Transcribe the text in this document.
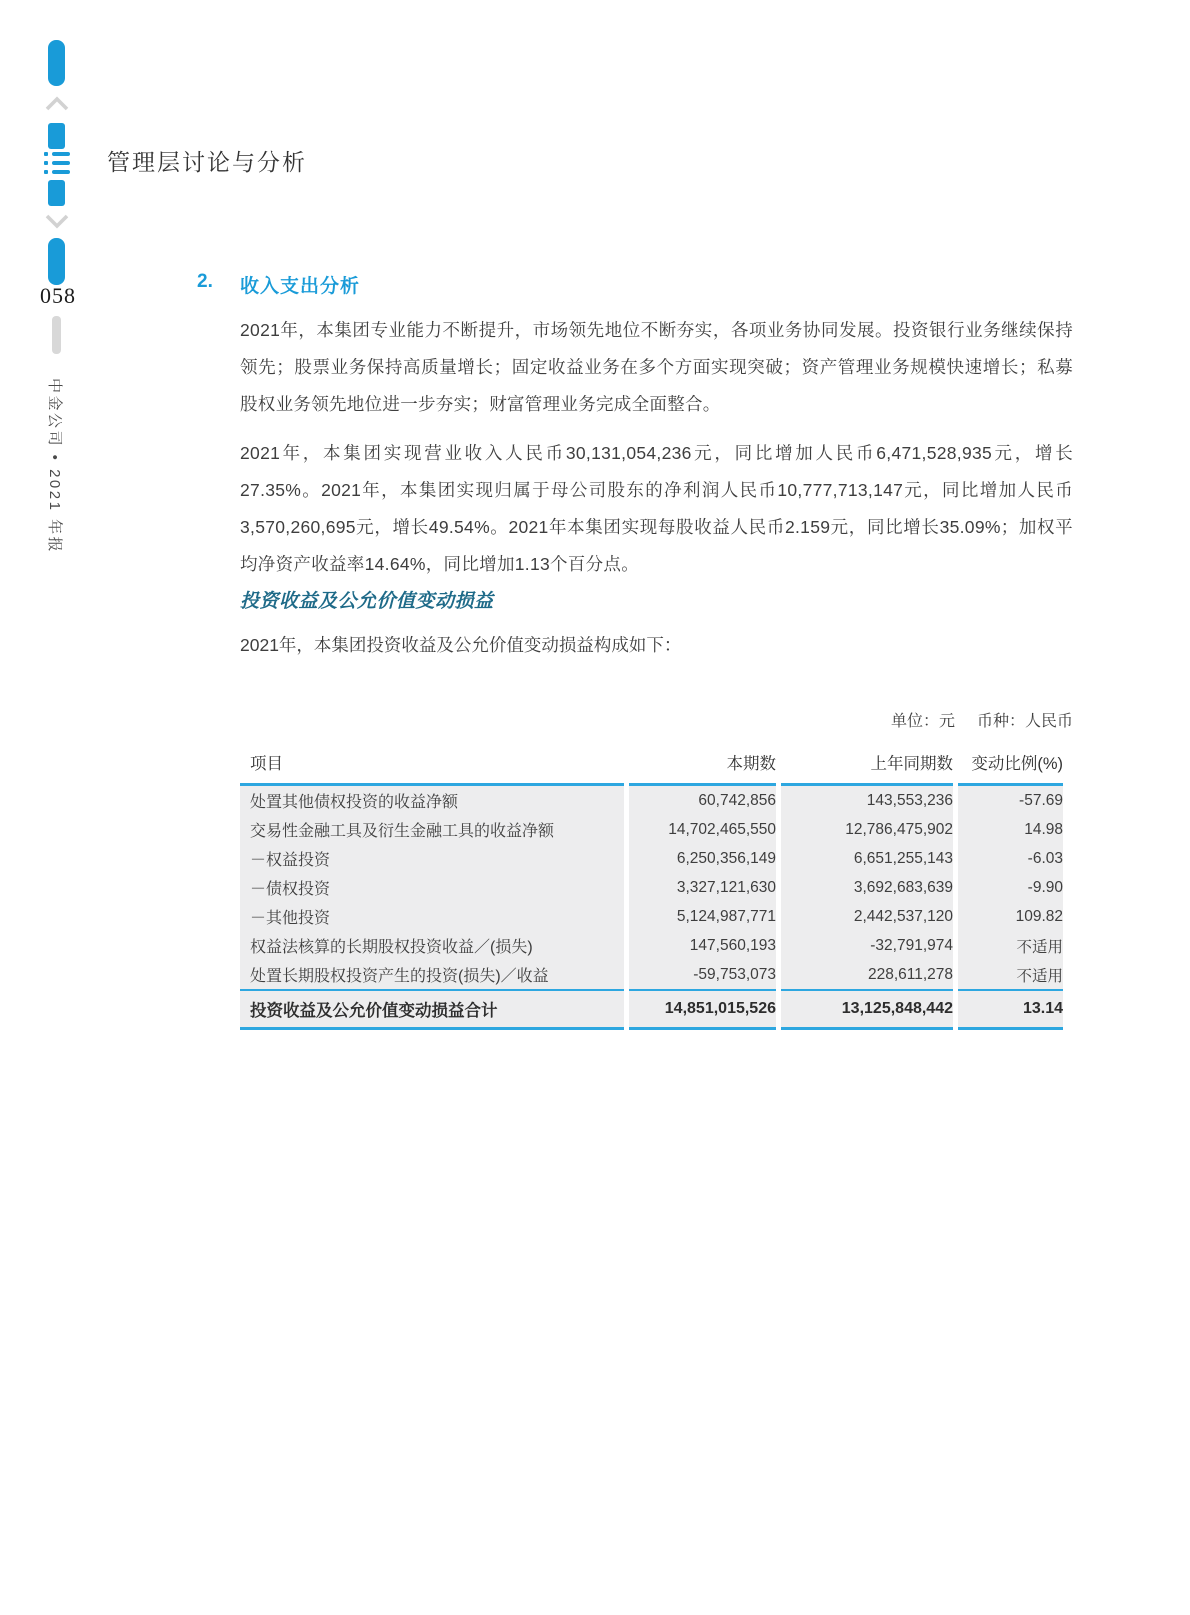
058
中金公司 • 2021 年报
管理层讨论与分析
2. 收入支出分析
2021年，本集团专业能力不断提升，市场领先地位不断夯实，各项业务协同发展。投资银行业务继续保持领先；股票业务保持高质量增长；固定收益业务在多个方面实现突破；资产管理业务规模快速增长；私募股权业务领先地位进一步夯实；财富管理业务完成全面整合。
2021年，本集团实现营业收入人民币30,131,054,236元，同比增加人民币6,471,528,935元，增长27.35%。2021年，本集团实现归属于母公司股东的净利润人民币10,777,713,147元，同比增加人民币3,570,260,695元，增长49.54%。2021年本集团实现每股收益人民币2.159元，同比增长35.09%；加权平均净资产收益率14.64%，同比增加1.13个百分点。
投资收益及公允价值变动损益
2021年，本集团投资收益及公允价值变动损益构成如下：
单位：元 币种：人民币
项目	本期数	上年同期数	变动比例(%)
处置其他债权投资的收益净额	60,742,856	143,553,236	-57.69
交易性金融工具及衍生金融工具的收益净额	14,702,465,550	12,786,475,902	14.98
－权益投资	6,250,356,149	6,651,255,143	-6.03
－债权投资	3,327,121,630	3,692,683,639	-9.90
－其他投资	5,124,987,771	2,442,537,120	109.82
权益法核算的长期股权投资收益／(损失)	147,560,193	-32,791,974	不适用
处置长期股权投资产生的投资(损失)／收益	-59,753,073	228,611,278	不适用
投资收益及公允价值变动损益合计	14,851,015,526	13,125,848,442	13.14
